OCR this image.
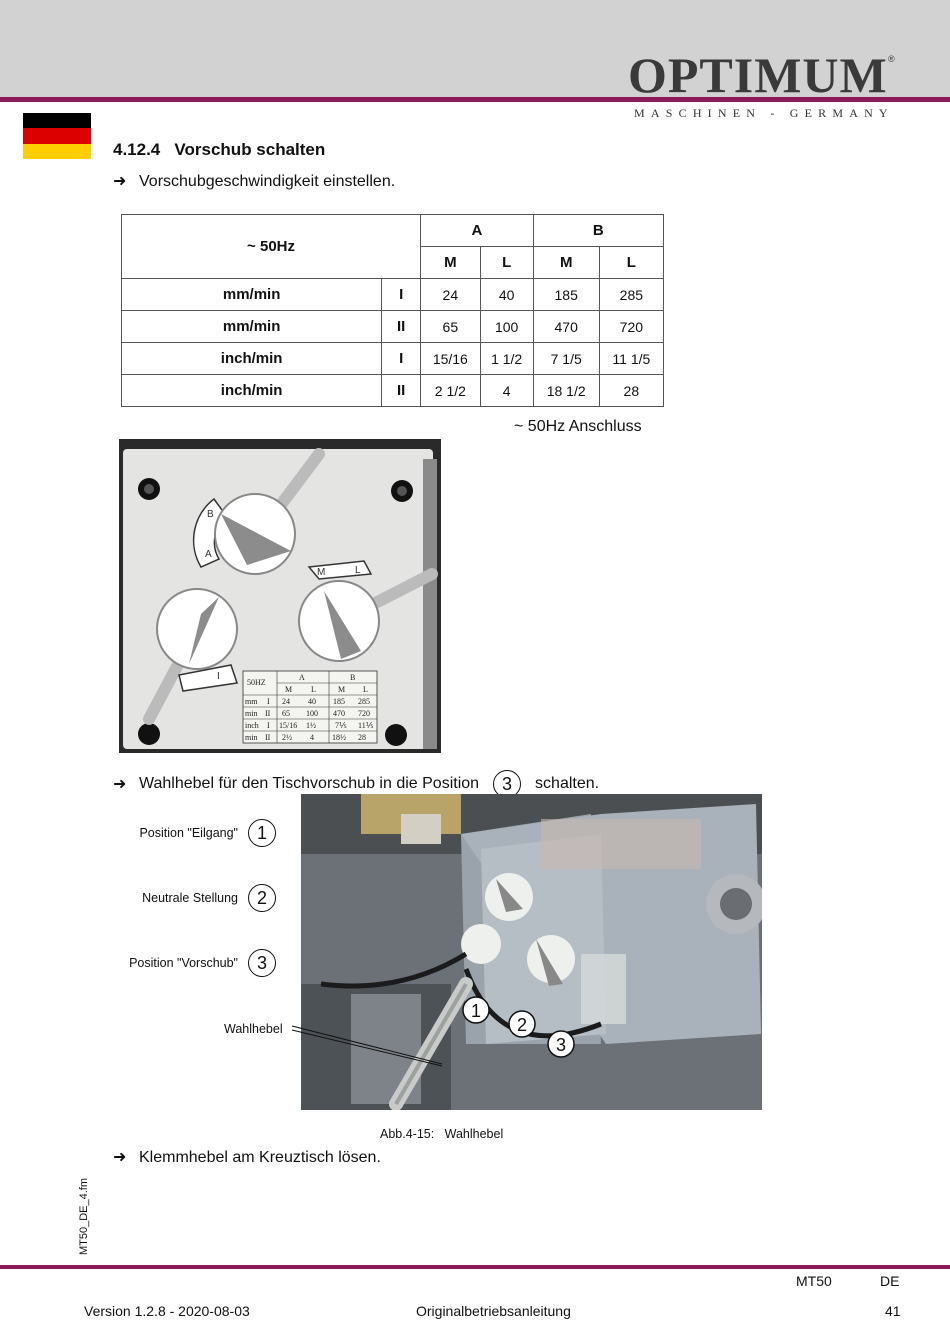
OPTIMUM ®
MASCHINEN - GERMANY
4.12.4   Vorschub schalten
➜ Vorschubgeschwindigkeit einstellen.
~ 50Hz		A		B	
		M	L	M	L
mm/min	I	24	40	185	285
mm/min	II	65	100	470	720
inch/min	I	15/16	1 1/2	7 1/5	11 1/5
inch/min	II	2 1/2	4	18 1/2	28
~ 50Hz Anschluss
B
A
M	L
I
50HZ
A	B
M L	M L
mm I 24 40 185 285
min II 65 100 470 720
inch I 15/16 1½ 7⅕ 11⅕
min II 2½ 4 18½ 28
➜ Wahlhebel für den Tischvorschub in die Position	3	schalten.
Position "Eilgang"	1
Neutrale Stellung	2
Position "Vorschub"	3
Wahlhebel
1
2
3
Abb.4-15:   Wahlhebel
➜ Klemmhebel am Kreuztisch lösen.
MT50_DE_4.fm
MT50	DE
Version 1.2.8 - 2020-08-03	Originalbetriebsanleitung	41
